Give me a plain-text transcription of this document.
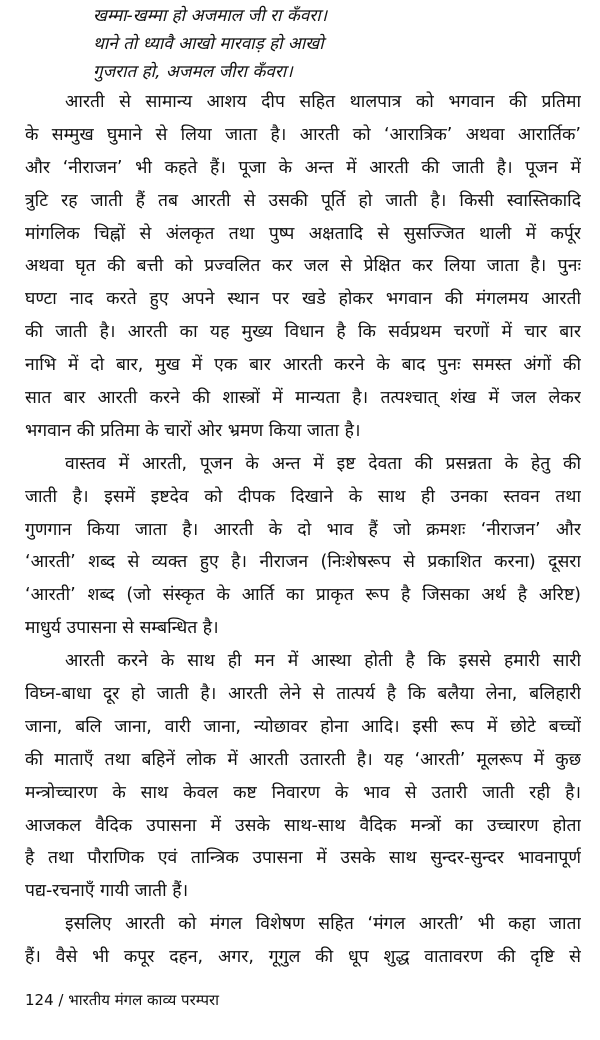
खम्मा-खम्मा हो अजमाल जी रा कँवरा।
थाने तो ध्यावै आखो मारवाड़ हो आखो
गुजरात हो, अजमल जीरा कँवरा।
आरती से सामान्य आशय दीप सहित थालपात्र को भगवान की प्रतिमा
के सम्मुख घुमाने से लिया जाता है। आरती को ‘आरात्रिक’ अथवा आरार्तिक’
और ‘नीराजन’ भी कहते हैं। पूजा के अन्त में आरती की जाती है। पूजन में
त्रुटि रह जाती हैं तब आरती से उसकी पूर्ति हो जाती है। किसी स्वास्तिकादि
मांगलिक चिह्नों से अंलकृत तथा पुष्प अक्षतादि से सुसज्जित थाली में कर्पूर
अथवा घृत की बत्ती को प्रज्वलित कर जल से प्रेक्षित कर लिया जाता है। पुनः
घण्टा नाद करते हुए अपने स्थान पर खडे होकर भगवान की मंगलमय आरती
की जाती है। आरती का यह मुख्य विधान है कि सर्वप्रथम चरणों में चार बार
नाभि में दो बार, मुख में एक बार आरती करने के बाद पुनः समस्त अंगों की
सात बार आरती करने की शास्त्रों में मान्यता है। तत्पश्चात् शंख में जल लेकर
भगवान की प्रतिमा के चारों ओर भ्रमण किया जाता है।
वास्तव में आरती, पूजन के अन्त में इष्ट देवता की प्रसन्नता के हेतु की
जाती है। इसमें इष्टदेव को दीपक दिखाने के साथ ही उनका स्तवन तथा
गुणगान किया जाता है। आरती के दो भाव हैं जो क्रमशः ‘नीराजन’ और
‘आरती’ शब्द से व्यक्त हुए है। नीराजन (निःशेषरूप से प्रकाशित करना) दूसरा
‘आरती’ शब्द (जो संस्कृत के आर्ति का प्राकृत रूप है जिसका अर्थ है अरिष्ट)
माधुर्य उपासना से सम्बन्धित है।
आरती करने के साथ ही मन में आस्था होती है कि इससे हमारी सारी
विघ्न-बाधा दूर हो जाती है। आरती लेने से तात्पर्य है कि बलैया लेना, बलिहारी
जाना, बलि जाना, वारी जाना, न्योछावर होना आदि। इसी रूप में छोटे बच्चों
की माताएँ तथा बहिनें लोक में आरती उतारती है। यह ‘आरती’ मूलरूप में कुछ
मन्त्रोच्चारण के साथ केवल कष्ट निवारण के भाव से उतारी जाती रही है।
आजकल वैदिक उपासना में उसके साथ-साथ वैदिक मन्त्रों का उच्चारण होता
है तथा पौराणिक एवं तान्त्रिक उपासना में उसके साथ सुन्दर-सुन्दर भावनापूर्ण
पद्य-रचनाएँ गायी जाती हैं।
इसलिए आरती को मंगल विशेषण सहित ‘मंगल आरती’ भी कहा जाता
हैं। वैसे भी कपूर दहन, अगर, गूगुल की धूप शुद्ध वातावरण की दृष्टि से
124 / भारतीय मंगल काव्य परम्परा
